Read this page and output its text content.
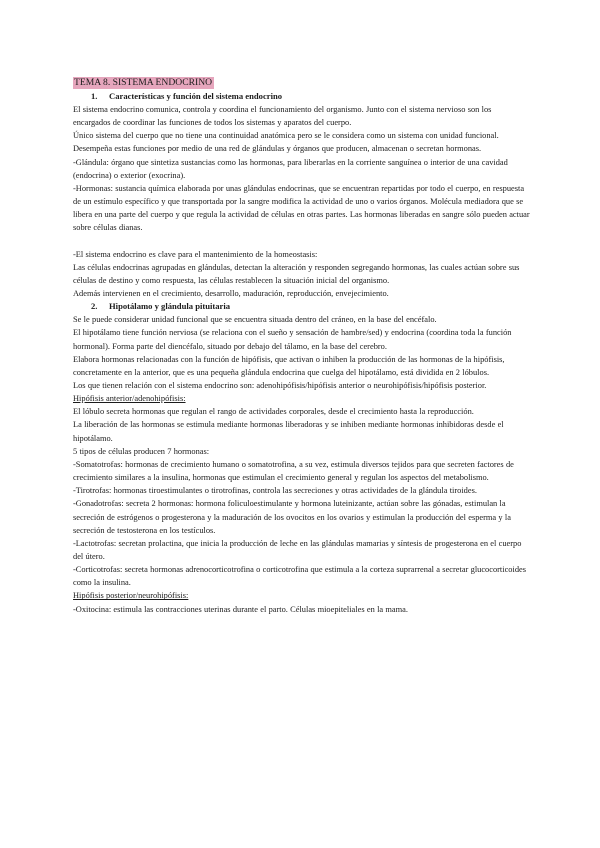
TEMA 8. SISTEMA ENDOCRINO

1. Características y función del sistema endocrino

El sistema endocrino comunica, controla y coordina el funcionamiento del organismo. Junto con el sistema nervioso son los encargados de coordinar las funciones de todos los sistemas y aparatos del cuerpo.

Único sistema del cuerpo que no tiene una continuidad anatómica pero se le considera como un sistema con unidad funcional.

Desempeña estas funciones por medio de una red de glándulas y órganos que producen, almacenan o secretan hormonas.

-Glándula: órgano que sintetiza sustancias como las hormonas, para liberarlas en la corriente sanguínea o interior de una cavidad (endocrina) o exterior (exocrina).

-Hormonas: sustancia química elaborada por unas glándulas endocrinas, que se encuentran repartidas por todo el cuerpo, en respuesta de un estímulo específico y que transportada por la sangre modifica la actividad de uno o varios órganos. Molécula mediadora que se libera en una parte del cuerpo y que regula la actividad de células en otras partes. Las hormonas liberadas en sangre sólo pueden actuar sobre células dianas.

-El sistema endocrino es clave para el mantenimiento de la homeostasis:

Las células endocrinas agrupadas en glándulas, detectan la alteración y responden segregando hormonas, las cuales actúan sobre sus células de destino y como respuesta, las células restablecen la situación inicial del organismo.

Además intervienen en el crecimiento, desarrollo, maduración, reproducción, envejecimiento.

2. Hipotálamo y glándula pituitaria

Se le puede considerar unidad funcional que se encuentra situada dentro del cráneo, en la base del encéfalo.

El hipotálamo tiene función nerviosa (se relaciona con el sueño y sensación de hambre/sed) y endocrina (coordina toda la función hormonal). Forma parte del diencéfalo, situado por debajo del tálamo, en la base del cerebro.

Elabora hormonas relacionadas con la función de hipófisis, que activan o inhiben la producción de las hormonas de la hipófisis, concretamente en la anterior, que es una pequeña glándula endocrina que cuelga del hipotálamo, está dividida en 2 lóbulos.

Los que tienen relación con el sistema endocrino son: adenohipófisis/hipófisis anterior o neurohipófisis/hipófisis posterior.

Hipófisis anterior/adenohipófisis:

El lóbulo secreta hormonas que regulan el rango de actividades corporales, desde el crecimiento hasta la reproducción.

La liberación de las hormonas se estimula mediante hormonas liberadoras y se inhiben mediante hormonas inhibidoras desde el hipotálamo.

5 tipos de células producen 7 hormonas:

-Somatotrofas: hormonas de crecimiento humano o somatotrofina, a su vez, estimula diversos tejidos para que secreten factores de crecimiento similares a la insulina, hormonas que estimulan el crecimiento general y regulan los aspectos del metabolismo.

-Tirotrofas: hormonas tiroestimulantes o tirotrofinas, controla las secreciones y otras actividades de la glándula tiroides.

-Gonadotrofas: secreta 2 hormonas: hormona foliculoestimulante y hormona luteinizante, actúan sobre las gónadas, estimulan la secreción de estrógenos o progesterona y la maduración de los ovocitos en los ovarios y estimulan la producción del esperma y la secreción de testosterona en los testículos.

-Lactotrofas: secretan prolactina, que inicia la producción de leche en las glándulas mamarias y síntesis de progesterona en el cuerpo del útero.

-Corticotrofas: secreta hormonas adrenocorticotrofina o corticotrofina que estimula a la corteza suprarrenal a secretar glucocorticoides como la insulina.

Hipófisis posterior/neurohipófisis:

-Oxitocina: estimula las contracciones uterinas durante el parto. Células mioepiteliales en la mama.
